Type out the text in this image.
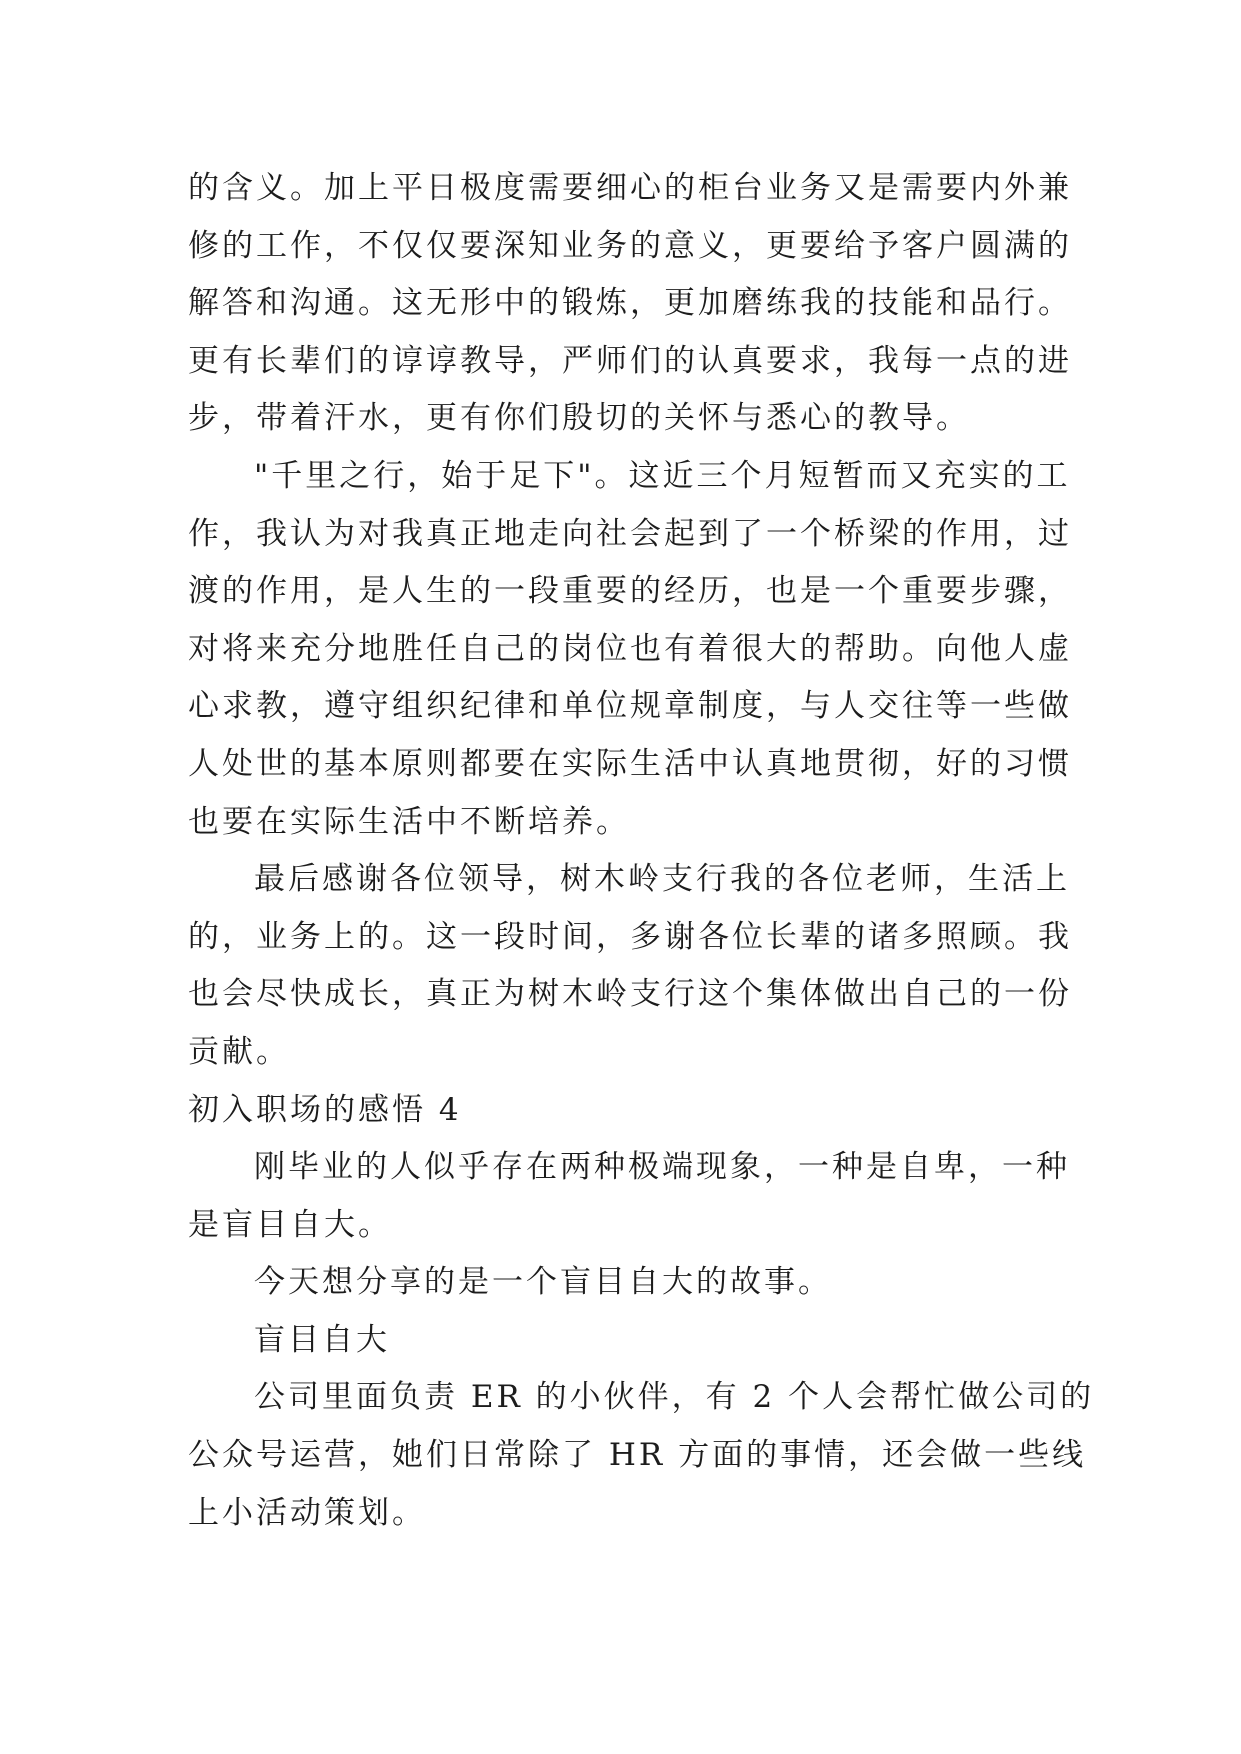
的含义。加上平日极度需要细心的柜台业务又是需要内外兼
修的工作，不仅仅要深知业务的意义，更要给予客户圆满的
解答和沟通。这无形中的锻炼，更加磨练我的技能和品行。
更有长辈们的谆谆教导，严师们的认真要求，我每一点的进
步，带着汗水，更有你们殷切的关怀与悉心的教导。
"千里之行，始于足下"。这近三个月短暂而又充实的工
作，我认为对我真正地走向社会起到了一个桥梁的作用，过
渡的作用，是人生的一段重要的经历，也是一个重要步骤，
对将来充分地胜任自己的岗位也有着很大的帮助。向他人虚
心求教，遵守组织纪律和单位规章制度，与人交往等一些做
人处世的基本原则都要在实际生活中认真地贯彻，好的习惯
也要在实际生活中不断培养。
最后感谢各位领导，树木岭支行我的各位老师，生活上
的，业务上的。这一段时间，多谢各位长辈的诸多照顾。我
也会尽快成长，真正为树木岭支行这个集体做出自己的一份
贡献。
初入职场的感悟 4
刚毕业的人似乎存在两种极端现象，一种是自卑，一种
是盲目自大。
今天想分享的是一个盲目自大的故事。
盲目自大
公司里面负责 ER 的小伙伴，有 2 个人会帮忙做公司的
公众号运营，她们日常除了 HR 方面的事情，还会做一些线
上小活动策划。
